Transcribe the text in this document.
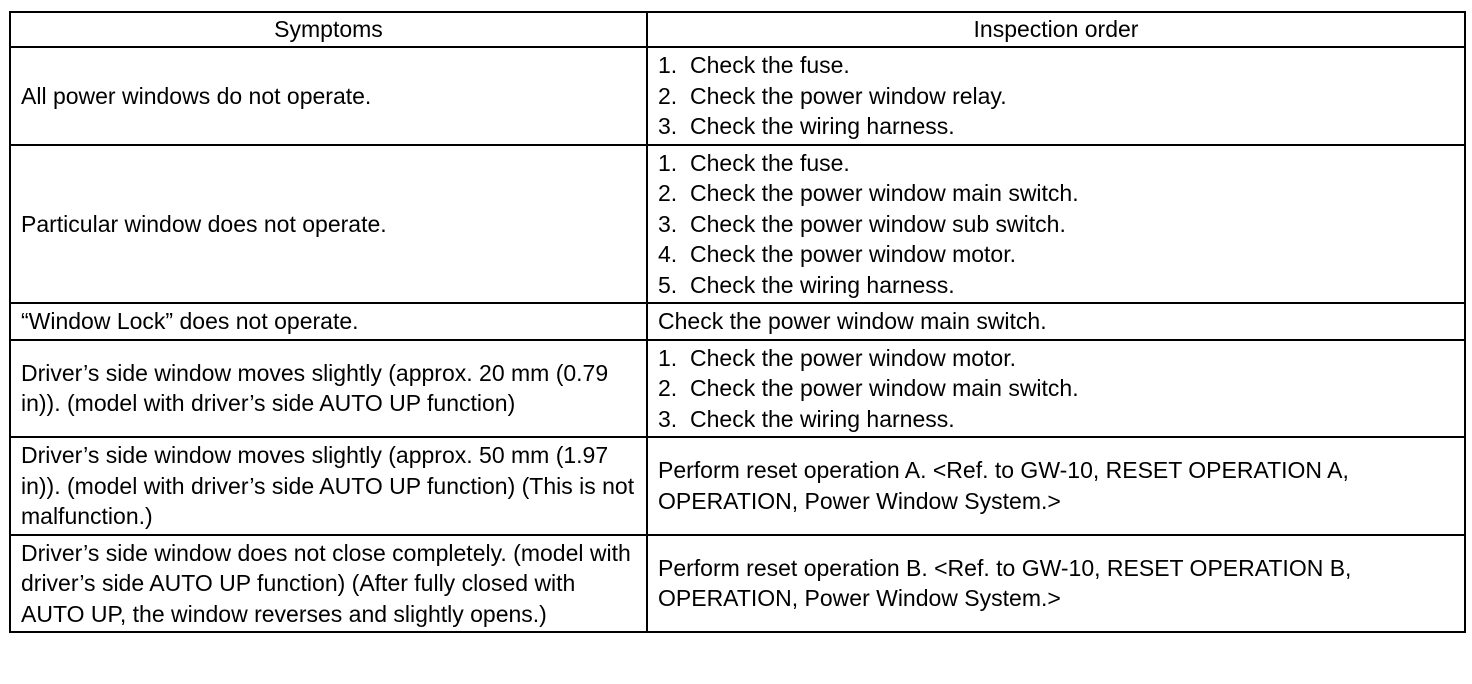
Symptoms	Inspection order

All power windows do not operate.	1. Check the fuse.
2. Check the power window relay.
3. Check the wiring harness.

Particular window does not operate.	1. Check the fuse.
2. Check the power window main switch.
3. Check the power window sub switch.
4. Check the power window motor.
5. Check the wiring harness.

“Window Lock” does not operate.	Check the power window main switch.

Driver’s side window moves slightly (approx. 20 mm (0.79 in)). (model with driver’s side AUTO UP function)	1. Check the power window motor.
2. Check the power window main switch.
3. Check the wiring harness.

Driver’s side window moves slightly (approx. 50 mm (1.97 in)). (model with driver’s side AUTO UP function) (This is not malfunction.)	Perform reset operation A. <Ref. to GW-10, RESET OPERATION A, OPERATION, Power Window System.>

Driver’s side window does not close completely. (model with driver’s side AUTO UP function) (After fully closed with AUTO UP, the window reverses and slightly opens.)	Perform reset operation B. <Ref. to GW-10, RESET OPERATION B, OPERATION, Power Window System.>
